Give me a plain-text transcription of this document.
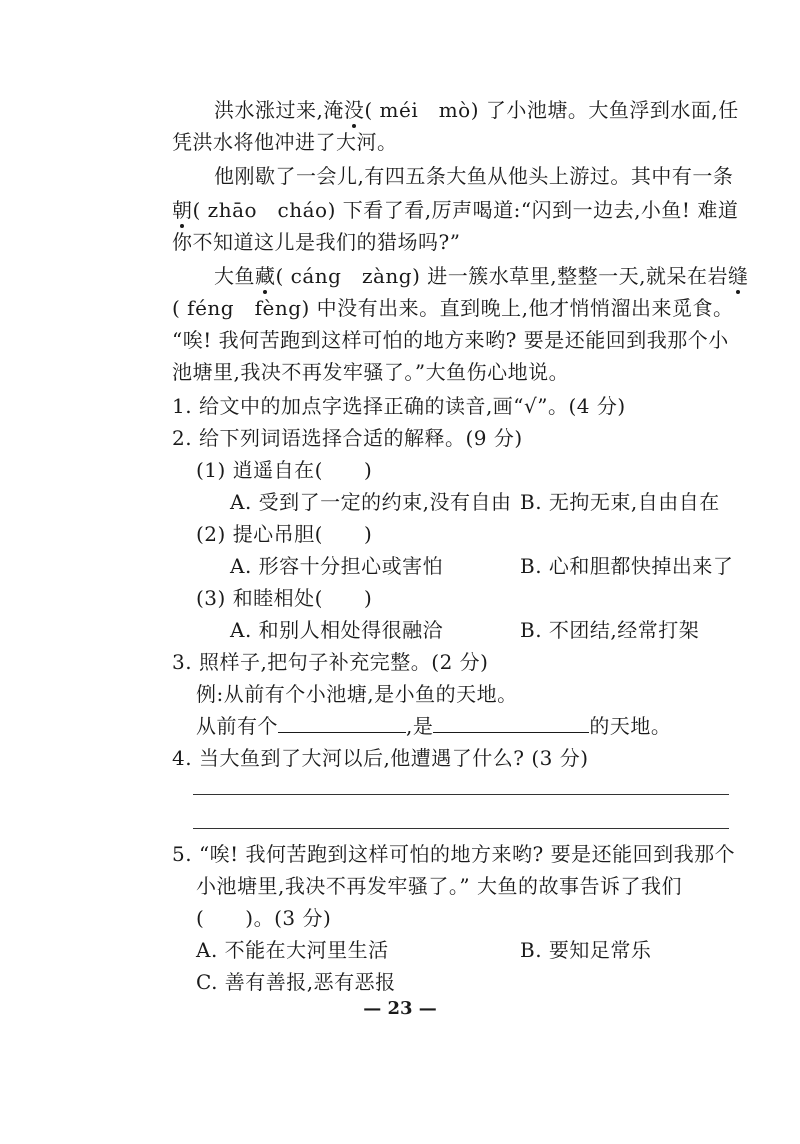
洪水涨过来,淹没( méi　mò) 了小池塘。大鱼浮到水面,任
凭洪水将他冲进了大河。
他刚歇了一会儿,有四五条大鱼从他头上游过。其中有一条
朝( zhāo　cháo) 下看了看,厉声喝道:“闪到一边去,小鱼! 难道
你不知道这儿是我们的猎场吗?”
大鱼藏( cáng　zàng) 进一簇水草里,整整一天,就呆在岩缝
( féng　fèng) 中没有出来。直到晚上,他才悄悄溜出来觅食。
“唉! 我何苦跑到这样可怕的地方来哟? 要是还能回到我那个小
池塘里,我决不再发牢骚了。”大鱼伤心地说。
1. 给文中的加点字选择正确的读音,画“√”。(4 分)
2. 给下列词语选择合适的解释。(9 分)
(1) 逍遥自在(　　)
A. 受到了一定的约束,没有自由 B. 无拘无束,自由自在
(2) 提心吊胆(　　)
A. 形容十分担心或害怕	B. 心和胆都快掉出来了
(3) 和睦相处(　　)
A. 和别人相处得很融洽	B. 不团结,经常打架
3. 照样子,把句子补充完整。(2 分)
例:从前有个小池塘,是小鱼的天地。
从前有个	,是	的天地。
4. 当大鱼到了大河以后,他遭遇了什么? (3 分)
5. “唉! 我何苦跑到这样可怕的地方来哟? 要是还能回到我那个
小池塘里,我决不再发牢骚了。” 大鱼的故事告诉了我们
(　　)。(3 分)
A. 不能在大河里生活	B. 要知足常乐
C. 善有善报,恶有恶报
— 23 —
